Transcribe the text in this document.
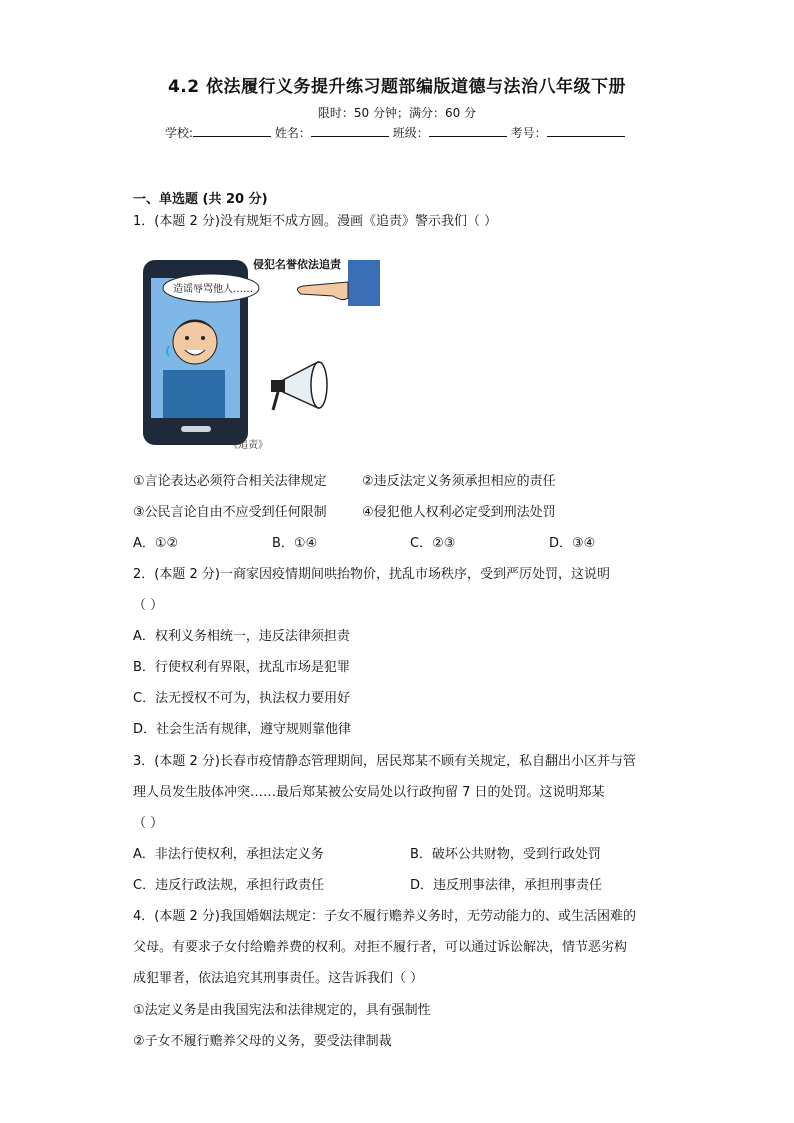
4.2 依法履行义务提升练习题部编版道德与法治八年级下册
限时：50 分钟；满分：60 分
学校:	姓名：	班级：	考号：
一、单选题 (共 20 分)
1．(本题 2 分)没有规矩不成方圆。漫画《追责》警示我们（ ）
侵犯名誉依法追责
造谣辱骂他人……
《追责》
①言论表达必须符合相关法律规定	②违反法定义务须承担相应的责任
③公民言论自由不应受到任何限制	④侵犯他人权利必定受到刑法处罚
A．①②	B．①④	C．②③	D．③④
2．(本题 2 分)一商家因疫情期间哄抬物价，扰乱市场秩序，受到严厉处罚，这说明
（ ）
A．权利义务相统一，违反法律须担责
B．行使权利有界限，扰乱市场是犯罪
C．法无授权不可为，执法权力要用好
D．社会生活有规律，遵守规则靠他律
3．(本题 2 分)长春市疫情静态管理期间，居民郑某不顾有关规定，私自翻出小区并与管
理人员发生肢体冲突……最后郑某被公安局处以行政拘留 7 日的处罚。这说明郑某
（ ）
A．非法行使权利，承担法定义务	B．破坏公共财物，受到行政处罚
C．违反行政法规，承担行政责任	D．违反刑事法律，承担刑事责任
4．(本题 2 分)我国婚姻法规定：子女不履行赡养义务时，无劳动能力的、或生活困难的
父母。有要求子女付给赡养费的权利。对拒不履行者，可以通过诉讼解决，情节恶劣构
成犯罪者，依法追究其刑事责任。这告诉我们（ ）
①法定义务是由我国宪法和法律规定的，具有强制性
②子女不履行赡养父母的义务，要受法律制裁
